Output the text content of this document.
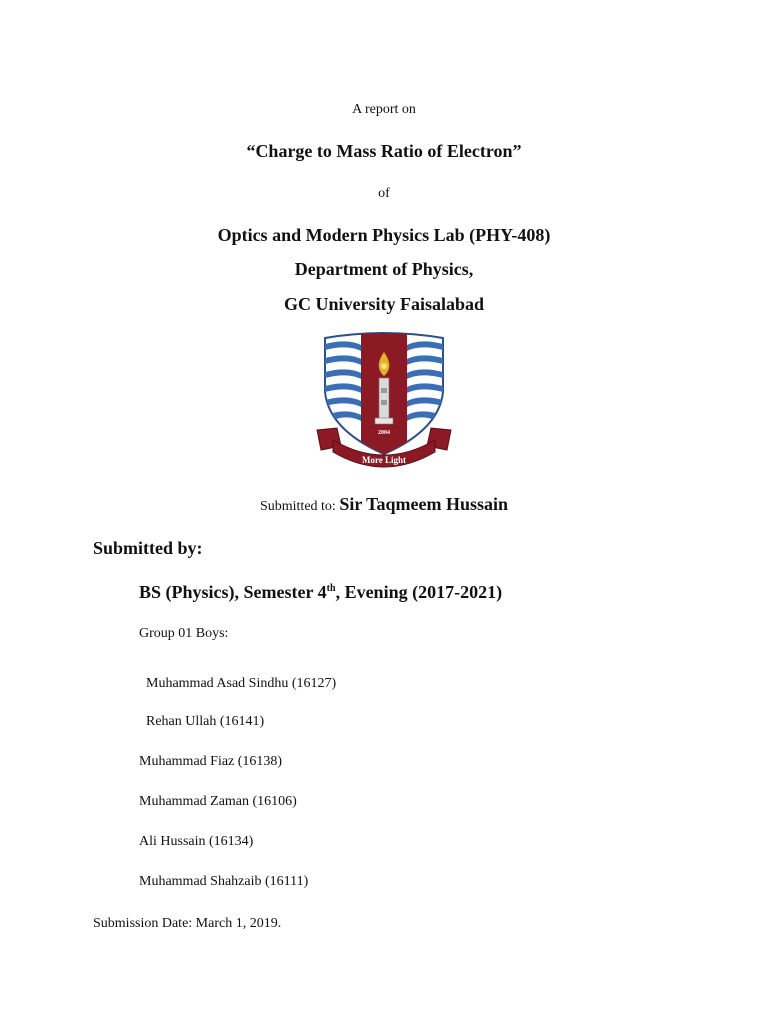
A report on

“Charge to Mass Ratio of Electron”

of

Optics and Modern Physics Lab (PHY-408)

Department of Physics,

GC University Faisalabad

2004
More Light

Submitted to: Sir Taqmeem Hussain

Submitted by:

BS (Physics), Semester 4th, Evening (2017-2021)

Group 01 Boys:

Muhammad Asad Sindhu (16127)

Rehan Ullah (16141)

Muhammad Fiaz (16138)

Muhammad Zaman (16106)

Ali Hussain (16134)

Muhammad Shahzaib (16111)

Submission Date: March 1, 2019.
